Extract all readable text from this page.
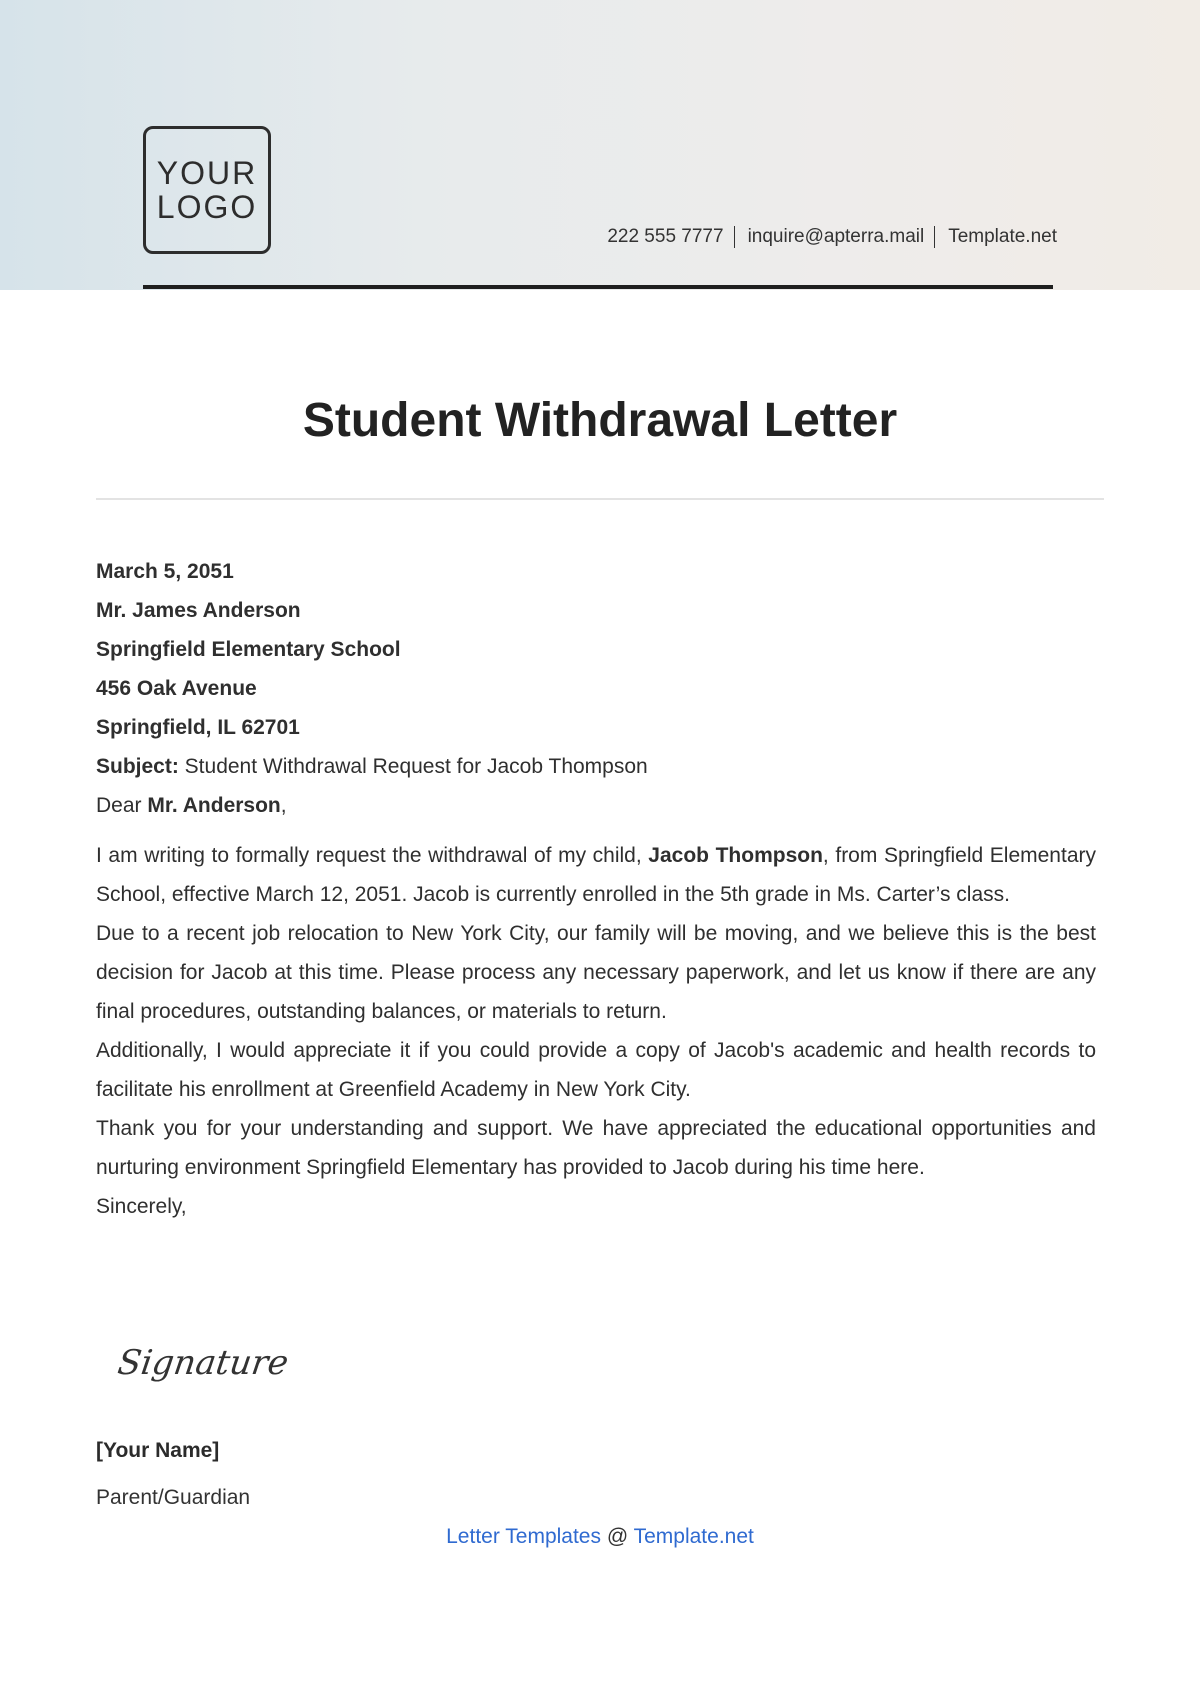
YOUR
LOGO
222 555 7777 inquire@apterra.mail Template.net
Student Withdrawal Letter

March 5, 2051

Mr. James Anderson

Springfield Elementary School

456 Oak Avenue

Springfield, IL 62701

Subject: Student Withdrawal Request for Jacob Thompson

Dear Mr. Anderson,

I am writing to formally request the withdrawal of my child, Jacob Thompson, from Springfield Elementary School, effective March 12, 2051. Jacob is currently enrolled in the 5th grade in Ms. Carter’s class.

Due to a recent job relocation to New York City, our family will be moving, and we believe this is the best decision for Jacob at this time. Please process any necessary paperwork, and let us know if there are any final procedures, outstanding balances, or materials to return.

Additionally, I would appreciate it if you could provide a copy of Jacob's academic and health records to facilitate his enrollment at Greenfield Academy in New York City.

Thank you for your understanding and support. We have appreciated the educational opportunities and nurturing environment Springfield Elementary has provided to Jacob during his time here.

Sincerely,

Signature
[Your Name]
Parent/Guardian
Letter Templates @ Template.net
